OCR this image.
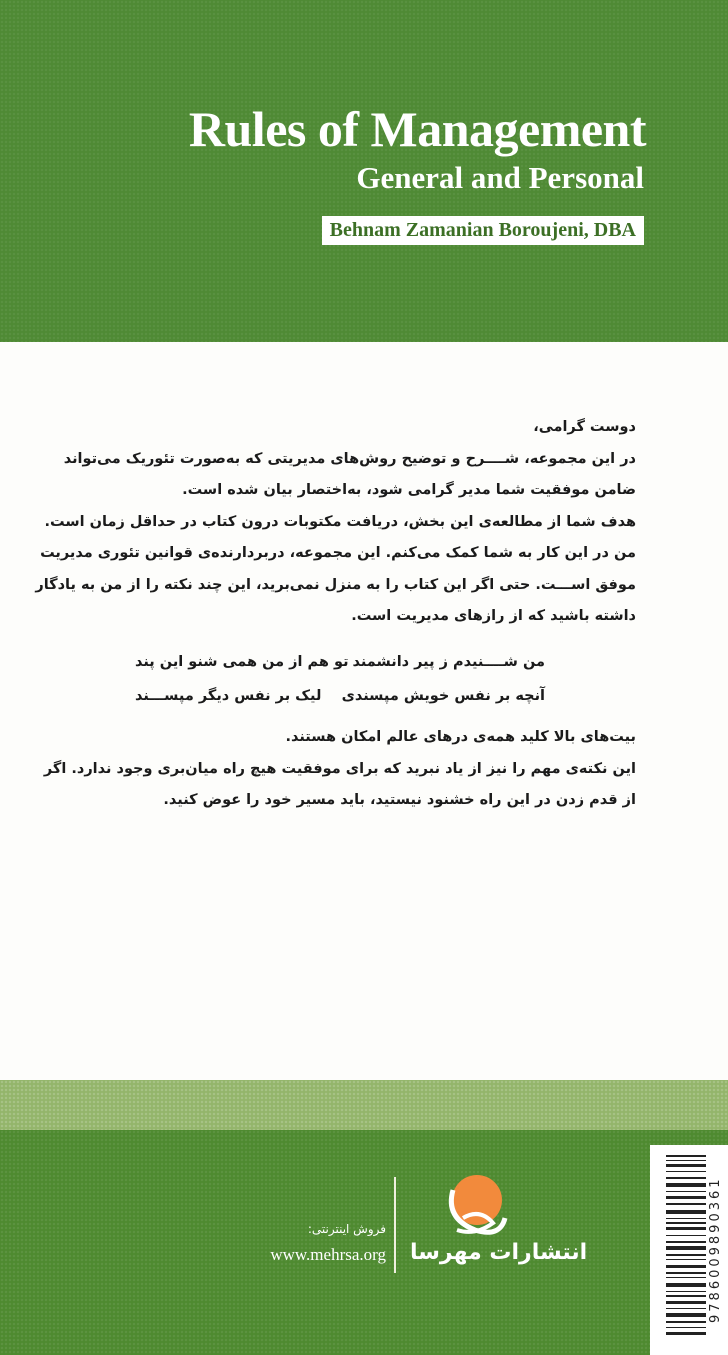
Rules of Management
General and Personal
Behnam Zamanian Boroujeni, DBA

دوست گرامی،

در این مجموعه، شــــرح و توضیح روش‌های مدیریتی که به‌صورت تئوریک می‌تواند

ضامن موفقیت شما مدیر گرامی شود، به‌اختصار بیان شده است.

هدف شما از مطالعه‌ی این بخش، دریافت مکتوبات درون کتاب در حداقل زمان است.

من در این کار به شما کمک می‌کنم. این مجموعه، دربردارنده‌ی قوانین تئوری مدیریت

موفق اســـت. حتی اگر این کتاب را به منزل نمی‌برید، این چند نکته را از من به یادگار

داشته باشید که از رازهای مدیریت است.

من شــــنیدم ز پیر دانشمند
تو هم از من همی شنو این پند
آنچه بر نفس خویش مپسندی
لیک بر نفس دیگر مپســـند

بیت‌های بالا کلید همه‌ی درهای عالم امکان هستند.

این نکته‌ی مهم را نیز از یاد نبرید که برای موفقیت هیچ راه میان‌بری وجود ندارد. اگر

از قدم زدن در این راه خشنود نیستید، باید مسیر خود را عوض کنید.

فروش اینترنتی:
www.mehrsa.org انتشارات مهرسا	9786009890361
